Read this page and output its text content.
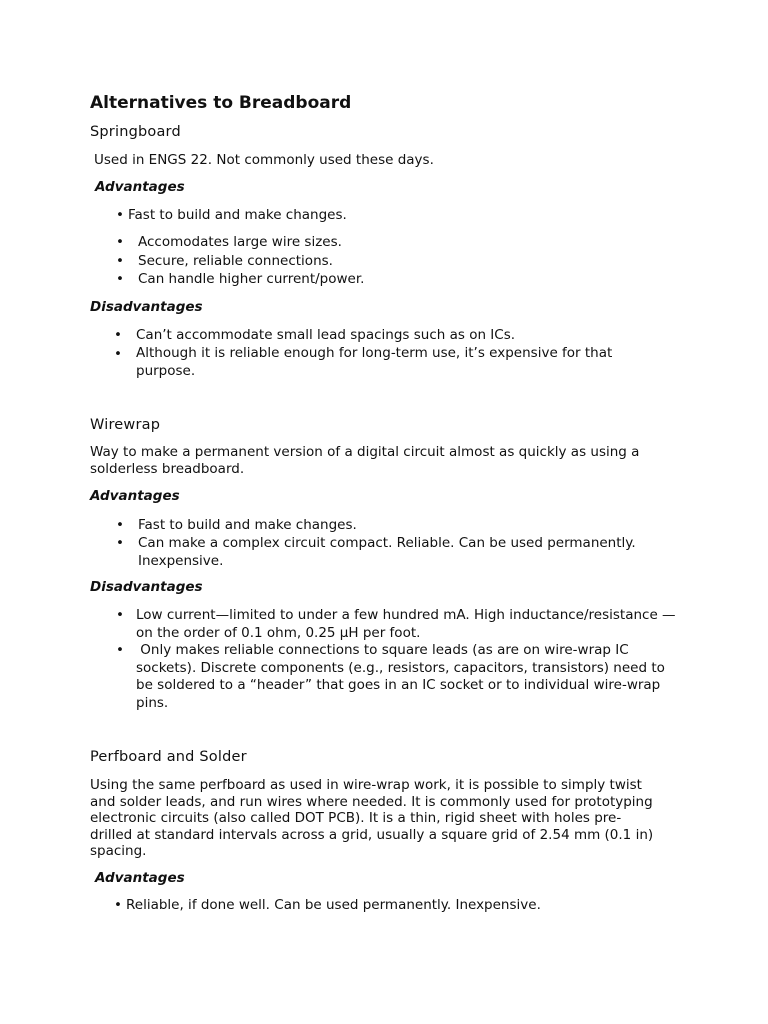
Alternatives to Breadboard
Springboard
Used in ENGS 22. Not commonly used these days.
Advantages
• Fast to build and make changes.
• Accomodates large wire sizes.
• Secure, reliable connections.
• Can handle higher current/power.
Disadvantages
• Can’t accommodate small lead spacings such as on ICs.
• Although it is reliable enough for long-term use, it’s expensive for that purpose.
Wirewrap
Way to make a permanent version of a digital circuit almost as quickly as using a solderless breadboard.
Advantages
• Fast to build and make changes.
• Can make a complex circuit compact. Reliable. Can be used permanently. Inexpensive.
Disadvantages
• Low current—limited to under a few hundred mA. High inductance/resistance —on the order of 0.1 ohm, 0.25 μH per foot.
• Only makes reliable connections to square leads (as are on wire-wrap IC sockets). Discrete components (e.g., resistors, capacitors, transistors) need to be soldered to a “header” that goes in an IC socket or to individual wire-wrap pins.
Perfboard and Solder
Using the same perfboard as used in wire-wrap work, it is possible to simply twist and solder leads, and run wires where needed. It is commonly used for prototyping electronic circuits (also called DOT PCB). It is a thin, rigid sheet with holes pre-drilled at standard intervals across a grid, usually a square grid of 2.54 mm (0.1 in) spacing.
Advantages
• Reliable, if done well. Can be used permanently. Inexpensive.
